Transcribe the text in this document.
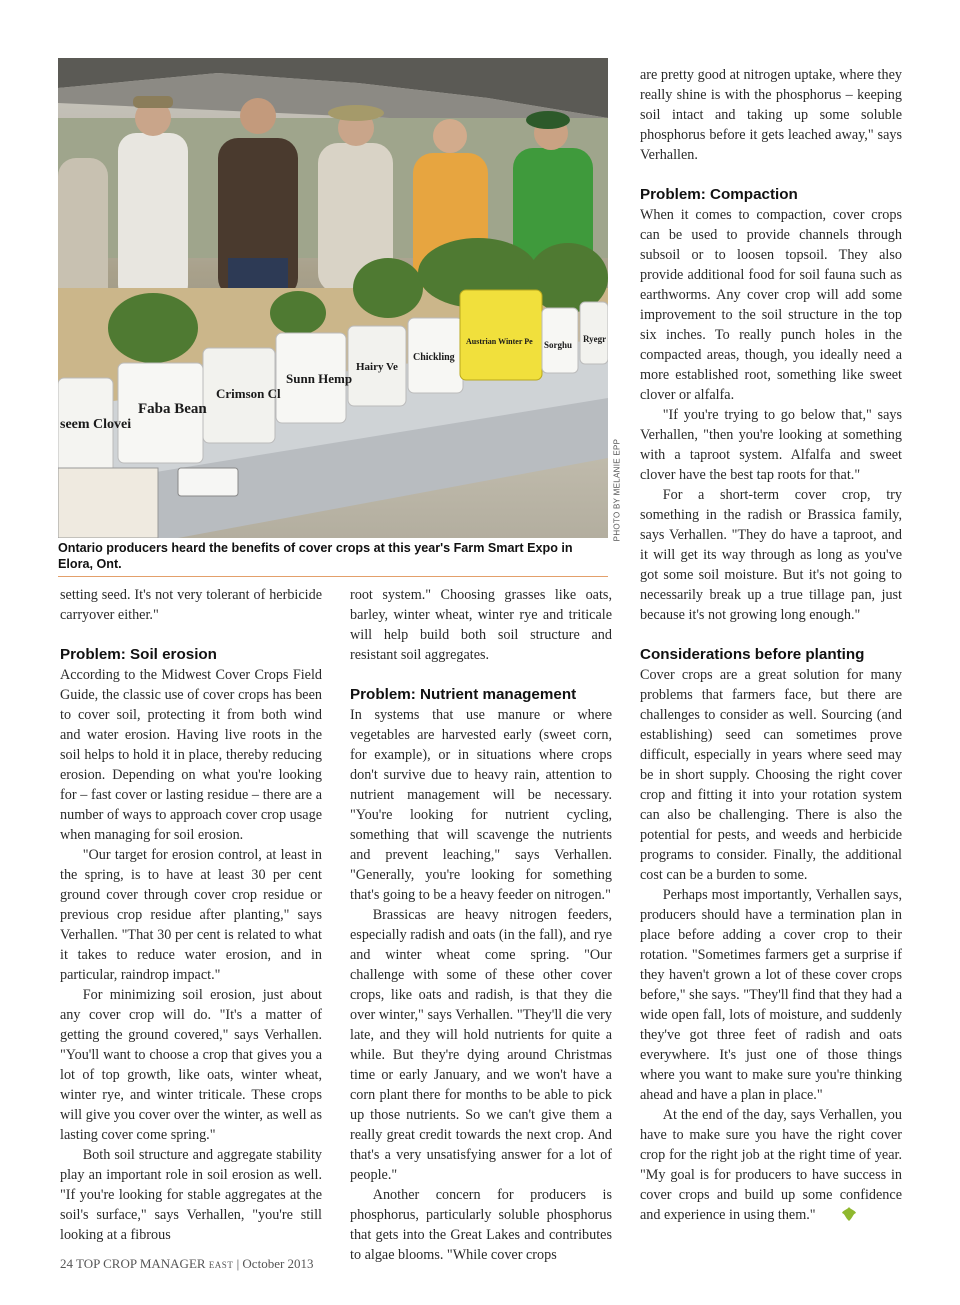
seem Clovei
Faba Bean
Crimson Cl
Sunn Hemp
Hairy Ve
Chickling
Austrian Winter Pe Sorghu
Ryegr
PHOTO BY MELANIE EPP
Ontario producers heard the benefits of cover crops at this year's Farm Smart Expo in Elora, Ont.

setting seed. It's not very tolerant of herbicide carryover either."

Problem: Soil erosion

According to the Midwest Cover Crops Field Guide, the classic use of cover crops has been to cover soil, protecting it from both wind and water erosion. Having live roots in the soil helps to hold it in place, thereby reducing erosion. Depending on what you're looking for – fast cover or lasting residue – there are a number of ways to approach cover crop usage when managing for soil erosion.

"Our target for erosion control, at least in the spring, is to have at least 30 per cent ground cover through cover crop residue or previous crop residue after planting," says Verhallen. "That 30 per cent is related to what it takes to reduce water erosion, and in particular, raindrop impact."

For minimizing soil erosion, just about any cover crop will do. "It's a matter of getting the ground covered," says Verhallen. "You'll want to choose a crop that gives you a lot of top growth, like oats, winter wheat, winter rye, and winter triticale. These crops will give you cover over the winter, as well as lasting cover come spring."

Both soil structure and aggregate stability play an important role in soil erosion as well. "If you're looking for stable aggregates at the soil's surface," says Verhallen, "you're still looking at a fibrous

root system." Choosing grasses like oats, barley, winter wheat, winter rye and triticale will help build both soil structure and resistant soil aggregates.

Problem: Nutrient management

In systems that use manure or where vegetables are harvested early (sweet corn, for example), or in situations where crops don't survive due to heavy rain, attention to nutrient management will be necessary. "You're looking for nutrient cycling, something that will scavenge the nutrients and prevent leaching," says Verhallen. "Generally, you're looking for something that's going to be a heavy feeder on nitrogen."

Brassicas are heavy nitrogen feeders, especially radish and oats (in the fall), and rye and winter wheat come spring. "Our challenge with some of these other cover crops, like oats and radish, is that they die over winter," says Verhallen. "They'll die very late, and they will hold nutrients for quite a while. But they're dying around Christmas time or early January, and we won't have a corn plant there for months to be able to pick up those nutrients. So we can't give them a really great credit towards the next crop. And that's a very unsatisfying answer for a lot of people."

Another concern for producers is phosphorus, particularly soluble phosphorus that gets into the Great Lakes and contributes to algae blooms. "While cover crops

are pretty good at nitrogen uptake, where they really shine is with the phosphorus – keeping soil intact and taking up some soluble phosphorus before it gets leached away," says Verhallen.

Problem: Compaction

When it comes to compaction, cover crops can be used to provide channels through subsoil or to loosen topsoil. They also provide additional food for soil fauna such as earthworms. Any cover crop will add some improvement to the soil structure in the top six inches. To really punch holes in the compacted areas, though, you ideally need a more established root, something like sweet clover or alfalfa.

"If you're trying to go below that," says Verhallen, "then you're looking at something with a taproot system. Alfalfa and sweet clover have the best tap roots for that."

For a short-term cover crop, try something in the radish or Brassica family, says Verhallen. "They do have a taproot, and it will get its way through as long as you've got some soil moisture. But it's not going to necessarily break up a true tillage pan, just because it's not growing long enough."

Considerations before planting

Cover crops are a great solution for many problems that farmers face, but there are challenges to consider as well. Sourcing (and establishing) seed can sometimes prove difficult, especially in years where seed may be in short supply. Choosing the right cover crop and fitting it into your rotation system can also be challenging. There is also the potential for pests, and weeds and herbicide programs to consider. Finally, the additional cost can be a burden to some.

Perhaps most importantly, Verhallen says, producers should have a termination plan in place before adding a cover crop to their rotation. "Sometimes farmers get a surprise if they haven't grown a lot of these cover crops before," she says. "They'll find that they had a wide open fall, lots of moisture, and suddenly they've got three feet of radish and oats everywhere. It's just one of those things where you want to make sure you're thinking ahead and have a plan in place."

At the end of the day, says Verhallen, you have to make sure you have the right cover crop for the right job at the right time of year. "My goal is for producers to have success in cover crops and build up some confidence and experience in using them."

24 TOP CROP MANAGER EAST | October 2013
